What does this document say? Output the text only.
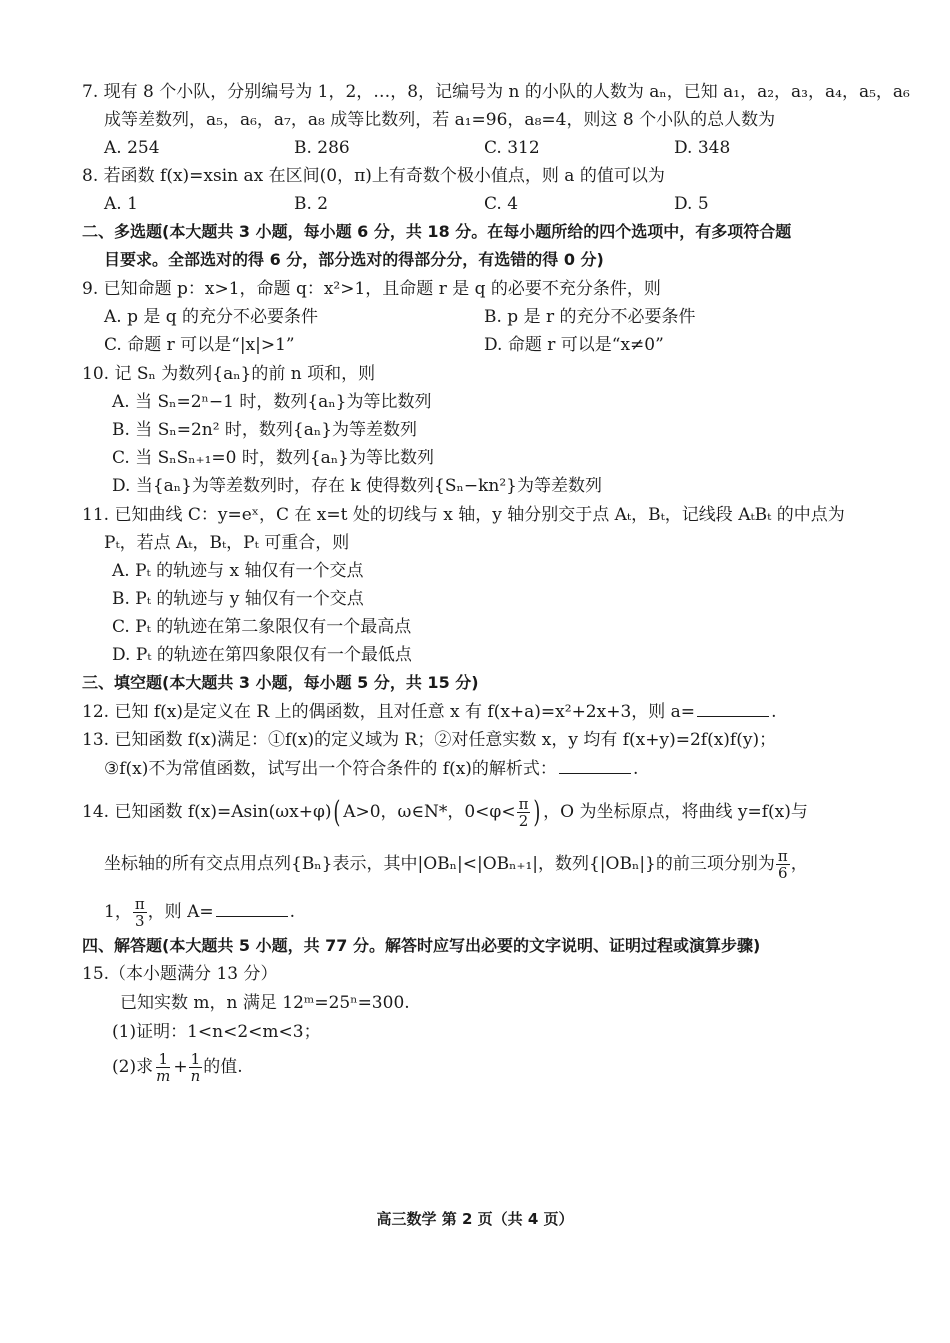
7. 现有 8 个小队，分别编号为 1，2，…，8，记编号为 n 的小队的人数为 aₙ，已知 a₁，a₂，a₃，a₄，a₅，a₆
成等差数列，a₅，a₆，a₇，a₈ 成等比数列，若 a₁=96，a₈=4，则这 8 个小队的总人数为
A. 254	B. 286	C. 312	D. 348
8. 若函数 f(x)=xsin ax 在区间(0，π)上有奇数个极小值点，则 a 的值可以为
A. 1	B. 2	C. 4	D. 5
二、多选题(本大题共 3 小题，每小题 6 分，共 18 分。在每小题所给的四个选项中，有多项符合题
目要求。全部选对的得 6 分，部分选对的得部分分，有选错的得 0 分)
9. 已知命题 p：x>1，命题 q：x²>1，且命题 r 是 q 的必要不充分条件，则
A. p 是 q 的充分不必要条件	B. p 是 r 的充分不必要条件
C. 命题 r 可以是“|x|>1”	D. 命题 r 可以是“x≠0”
10. 记 Sₙ 为数列{aₙ}的前 n 项和，则
A. 当 Sₙ=2ⁿ−1 时，数列{aₙ}为等比数列
B. 当 Sₙ=2n² 时，数列{aₙ}为等差数列
C. 当 SₙSₙ₊₁=0 时，数列{aₙ}为等比数列
D. 当{aₙ}为等差数列时，存在 k 使得数列{Sₙ−kn²}为等差数列
11. 已知曲线 C：y=eˣ，C 在 x=t 处的切线与 x 轴，y 轴分别交于点 Aₜ，Bₜ，记线段 AₜBₜ 的中点为
Pₜ，若点 Aₜ，Bₜ，Pₜ 可重合，则
A. Pₜ 的轨迹与 x 轴仅有一个交点
B. Pₜ 的轨迹与 y 轴仅有一个交点
C. Pₜ 的轨迹在第二象限仅有一个最高点
D. Pₜ 的轨迹在第四象限仅有一个最低点
三、填空题(本大题共 3 小题，每小题 5 分，共 15 分)
12. 已知 f(x)是定义在 R 上的偶函数，且对任意 x 有 f(x+a)=x²+2x+3，则 a=	.
13. 已知函数 f(x)满足：①f(x)的定义域为 R；②对任意实数 x，y 均有 f(x+y)=2f(x)f(y)；
③f(x)不为常值函数，试写出一个符合条件的 f(x)的解析式：	.
14. 已知函数 f(x)=Asin(ωx+φ)( A>0，ω∈N*，$0<\varphi< \frac{\pi}{2}$ ) ，O 为坐标原点，将曲线 y=f(x)与
坐标轴的所有交点用点列{Bₙ}表示，其中|OBₙ|<|OBₙ₊₁|，数列{|OBₙ|}的前三项分别为 $\frac{\pi}{6}$ ，
1， $\frac{\pi}{3}$ ，则 A=	.
四、解答题(本大题共 5 小题，共 77 分。解答时应写出必要的文字说明、证明过程或演算步骤)
15.（本小题满分 13 分）
已知实数 m，n 满足 12ᵐ=25ⁿ=300.
(1)证明：1<n<2<m<3；
(2)求 $\frac{1}{m} + \frac{1}{n}$ 的值.
高三数学 第 2 页（共 4 页）
